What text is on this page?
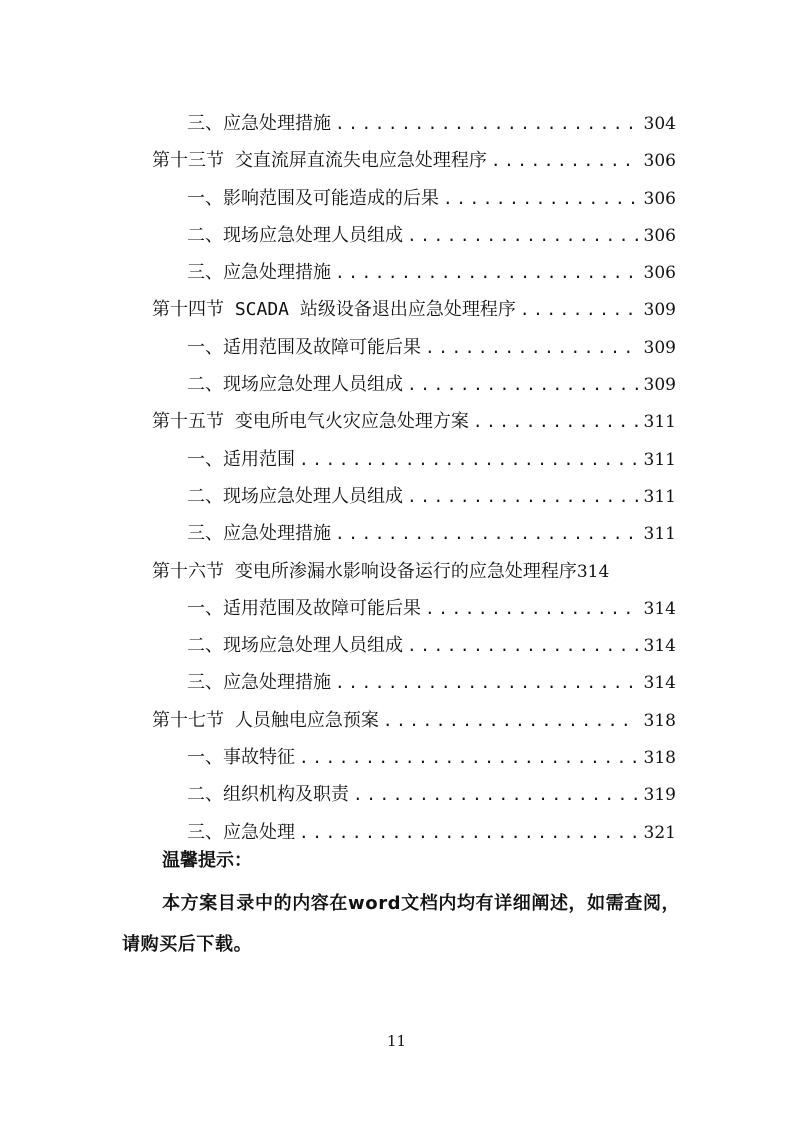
三、应急处理措施 .....	304
第十三节 交直流屏直流失电应急处理程序 .....	306
一、影响范围及可能造成的后果 .....	306
二、现场应急处理人员组成 .....	306
三、应急处理措施 .....	306
第十四节 SCADA 站级设备退出应急处理程序 .....	309
一、适用范围及故障可能后果 .....	309
二、现场应急处理人员组成 .....	309
第十五节 变电所电气火灾应急处理方案 .....	311
一、适用范围 .....	311
二、现场应急处理人员组成 .....	311
三、应急处理措施 .....	311
第十六节 变电所渗漏水影响设备运行的应急处理程序 314
一、适用范围及故障可能后果 .....	314
二、现场应急处理人员组成 .....	314
三、应急处理措施 .....	314
第十七节 人员触电应急预案 .....	318
一、事故特征 .....	318
二、组织机构及职责 .....	319
三、应急处理 .....	321

温馨提示：

本方案目录中的内容在word文档内均有详细阐述，如需查阅，请购买后下载。

11
